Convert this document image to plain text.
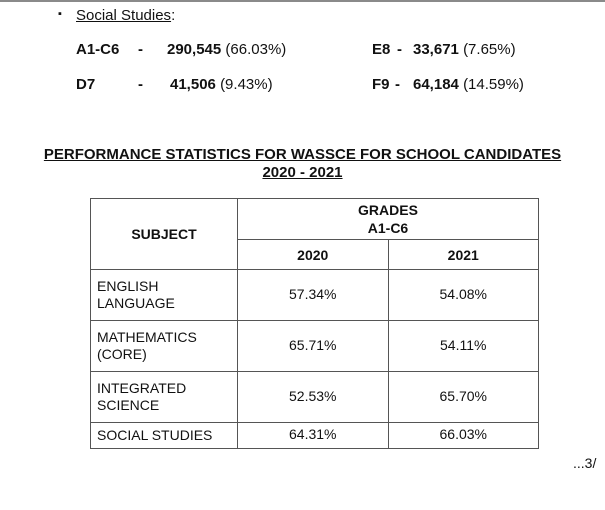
▪ Social Studies:
A1-C6 - 290,545 (66.03%)	E8 - 33,671 (7.65%)
D7	- 41,506 (9.43%)	F9 - 64,184 (14.59%)
PERFORMANCE STATISTICS FOR WASSCE FOR SCHOOL CANDIDATES
2020 - 2021
SUBJECT	GRADES
A1-C6	

	2020	2021

ENGLISH
LANGUAGE	57.34%	54.08%

MATHEMATICS
(CORE)	65.71%	54.11%

INTEGRATED
SCIENCE	52.53%	65.70%

SOCIAL STUDIES	64.31%	66.03%
...3/
